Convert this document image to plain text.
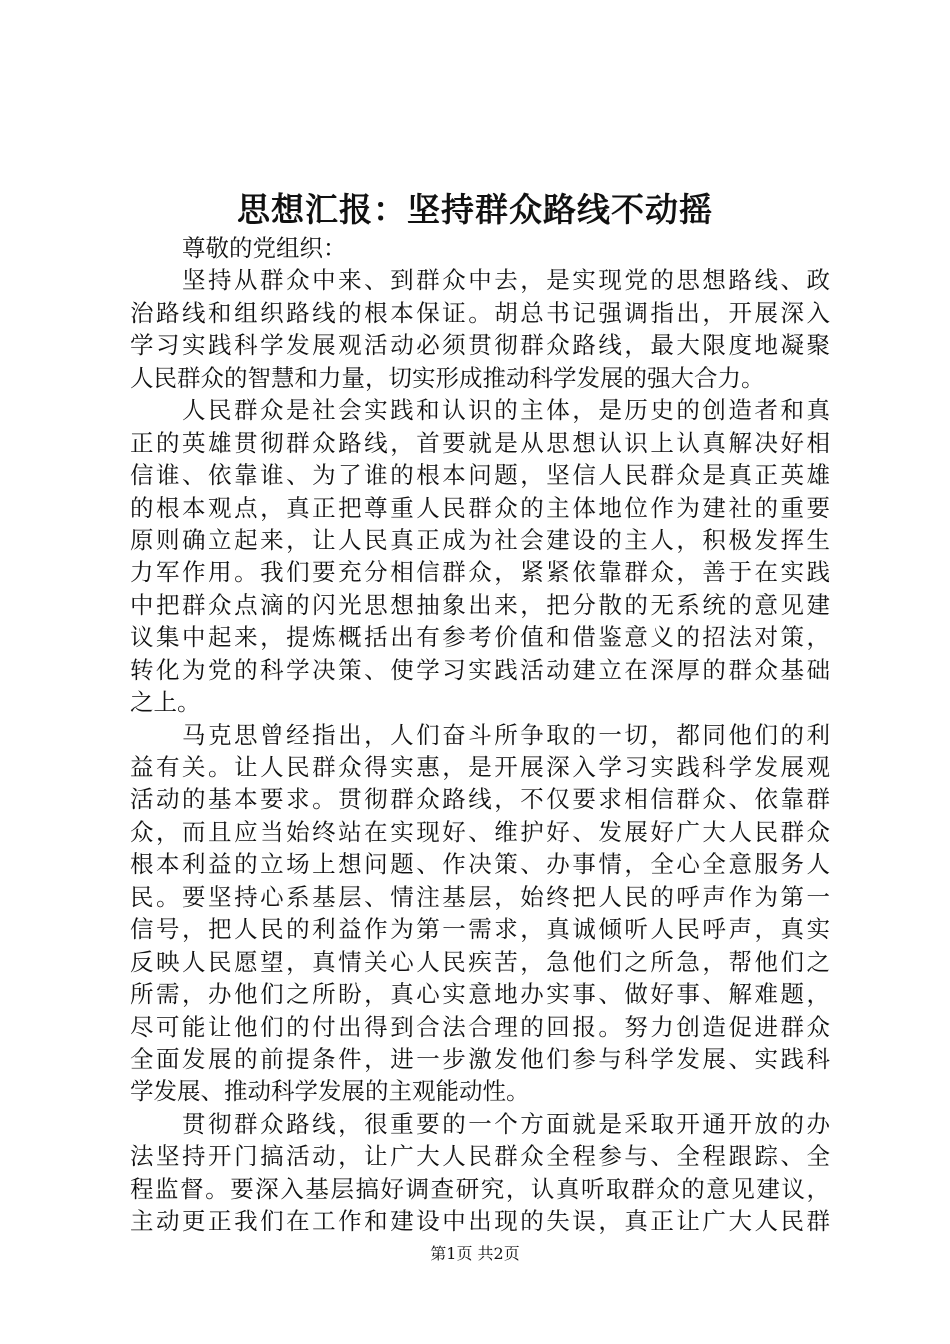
思想汇报：坚持群众路线不动摇
尊敬的党组织：
坚持从群众中来、到群众中去，是实现党的思想路线、政
治路线和组织路线的根本保证。胡总书记强调指出，开展深入
学习实践科学发展观活动必须贯彻群众路线，最大限度地凝聚
人民群众的智慧和力量，切实形成推动科学发展的强大合力。
人民群众是社会实践和认识的主体，是历史的创造者和真
正的英雄贯彻群众路线，首要就是从思想认识上认真解决好相
信谁、依靠谁、为了谁的根本问题，坚信人民群众是真正英雄
的根本观点，真正把尊重人民群众的主体地位作为建社的重要
原则确立起来，让人民真正成为社会建设的主人，积极发挥生
力军作用。我们要充分相信群众，紧紧依靠群众，善于在实践
中把群众点滴的闪光思想抽象出来，把分散的无系统的意见建
议集中起来，提炼概括出有参考价值和借鉴意义的招法对策，
转化为党的科学决策、使学习实践活动建立在深厚的群众基础
之上。
马克思曾经指出，人们奋斗所争取的一切，都同他们的利
益有关。让人民群众得实惠，是开展深入学习实践科学发展观
活动的基本要求。贯彻群众路线，不仅要求相信群众、依靠群
众，而且应当始终站在实现好、维护好、发展好广大人民群众
根本利益的立场上想问题、作决策、办事情，全心全意服务人
民。要坚持心系基层、情注基层，始终把人民的呼声作为第一
信号，把人民的利益作为第一需求，真诚倾听人民呼声，真实
反映人民愿望，真情关心人民疾苦，急他们之所急，帮他们之
所需，办他们之所盼，真心实意地办实事、做好事、解难题，
尽可能让他们的付出得到合法合理的回报。努力创造促进群众
全面发展的前提条件，进一步激发他们参与科学发展、实践科
学发展、推动科学发展的主观能动性。
贯彻群众路线，很重要的一个方面就是采取开通开放的办
法坚持开门搞活动，让广大人民群众全程参与、全程跟踪、全
程监督。要深入基层搞好调查研究，认真听取群众的意见建议，
主动更正我们在工作和建设中出现的失误，真正让广大人民群
第1页 共2页
